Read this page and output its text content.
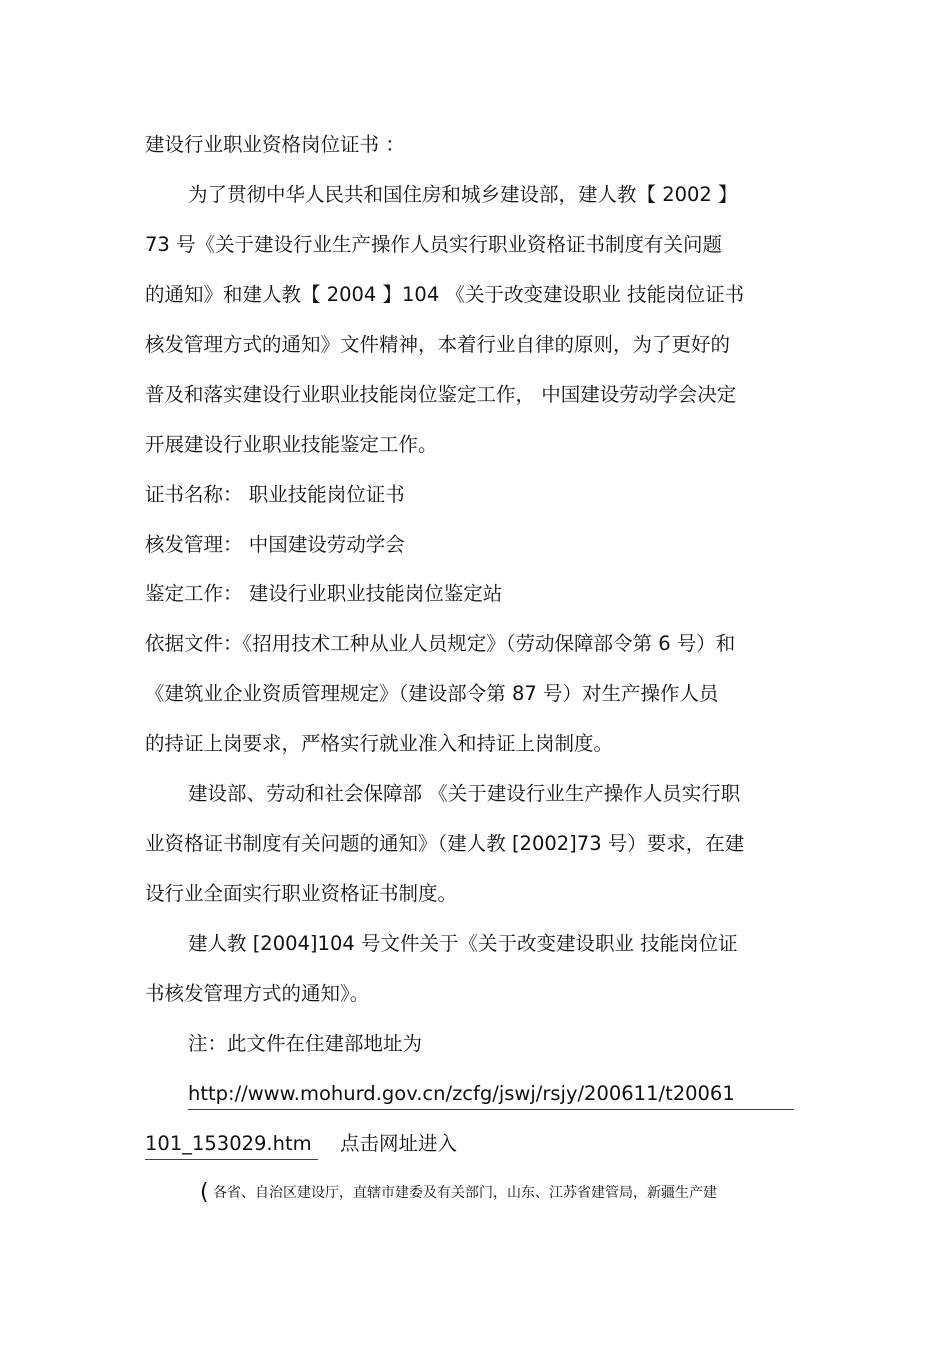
建设行业职业资格岗位证书 ：

为了贯彻中华人民共和国住房和城乡建设部，建人教【 2002 】

73 号《关于建设行业生产操作人员实行职业资格证书制度有关问题

的通知》和建人教【 2004 】104 《关于改变建设职业 技能岗位证书

核发管理方式的通知》文件精神，本着行业自律的原则，为了更好的

普及和落实建设行业职业技能岗位鉴定工作， 中国建设劳动学会决定

开展建设行业职业技能鉴定工作。

证书名称： 职业技能岗位证书

核发管理： 中国建设劳动学会

鉴定工作： 建设行业职业技能岗位鉴定站

依据文件：《招用技术工种从业人员规定》（劳动保障部令第 6 号）和

《建筑业企业资质管理规定》（建设部令第 87 号）对生产操作人员

的持证上岗要求，严格实行就业准入和持证上岗制度。

建设部、劳动和社会保障部 《关于建设行业生产操作人员实行职

业资格证书制度有关问题的通知》（建人教 [2002]73 号）要求，在建

设行业全面实行职业资格证书制度。

建人教 [2004]104 号文件关于《关于改变建设职业 技能岗位证

书核发管理方式的通知》。

注：此文件在住建部地址为

http://www.mohurd.gov.cn/zcfg/jswj/rsjy/200611/t20061

101_153029.htm 点击网址进入

( 各省、自治区建设厅，直辖市建委及有关部门，山东、江苏省建管局，新疆生产建
